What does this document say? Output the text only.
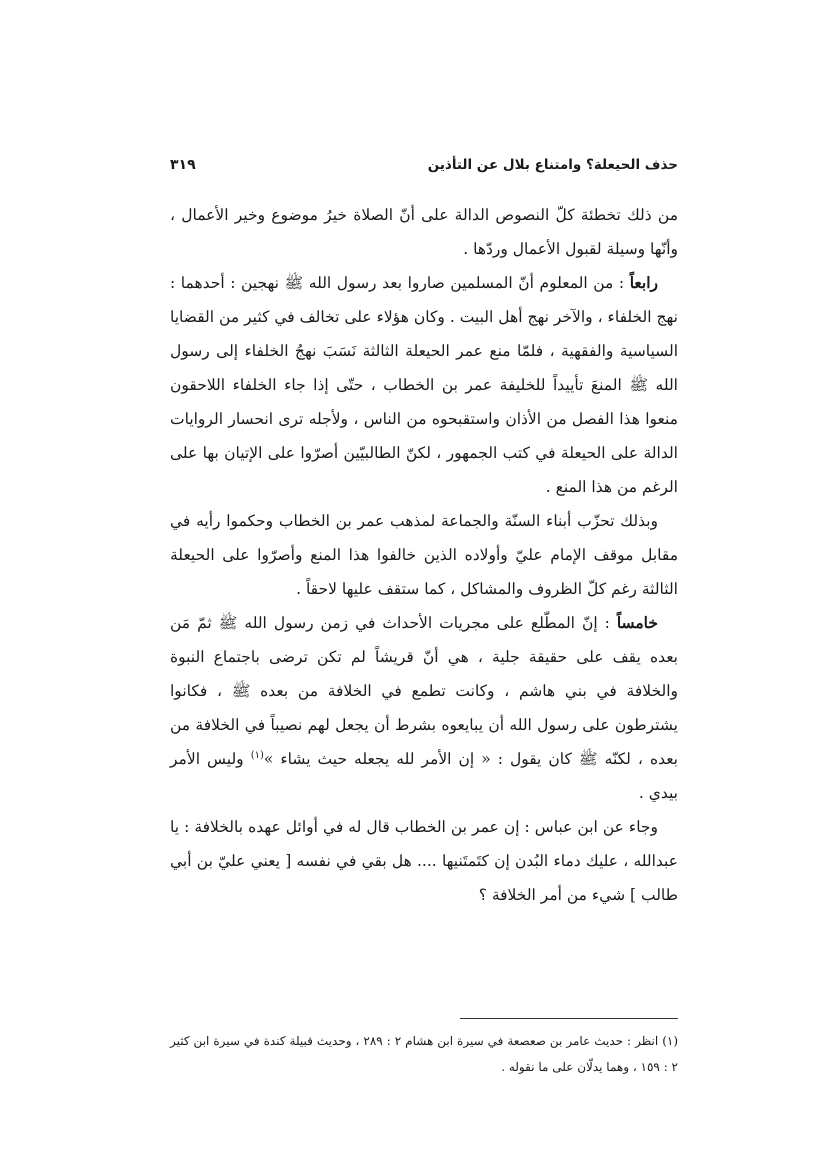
حذف الحيعلة؟ وامتناع بلال عن التأذين
٣١٩

من ذلك تخطئة كلّ النصوص الدالة على أنّ الصلاة خيرُ موضوع وخير الأعمال ، وأنّها وسيلة لقبول الأعمال وردّها .

رابعاً : من المعلوم أنّ المسلمين صاروا بعد رسول الله ﷺ نهجين : أحدهما : نهج الخلفاء ، والآخر نهج أهل البيت . وكان هؤلاء على تخالف في كثير من القضايا السياسية والفقهية ، فلمّا منع عمر الحيعلة الثالثة نَسَبَ نهجُ الخلفاء إلى رسول الله ﷺ المنعَ تأييداً للخليفة عمر بن الخطاب ، حتّى إذا جاء الخلفاء اللاحقون منعوا هذا الفصل من الأذان واستقبحوه من الناس ، ولأجله ترى انحسار الروايات الدالة على الحيعلة في كتب الجمهور ، لكنّ الطالبيّين أصرّوا على الإتيان بها على الرغم من هذا المنع .

وبذلك تحزّب أبناء السنّة والجماعة لمذهب عمر بن الخطاب وحكموا رأيه في مقابل موقف الإمام عليّ وأولاده الذين خالفوا هذا المنع وأصرّوا على الحيعلة الثالثة رغم كلّ الظروف والمشاكل ، كما ستقف عليها لاحقاً .

خامساً : إنّ المطّلع على مجريات الأحداث في زمن رسول الله ﷺ ثمّ مَن بعده يقف على حقيقة جلية ، هي أنّ قريشاً لم تكن ترضى باجتماع النبوة والخلافة في بني هاشم ، وكانت تطمع في الخلافة من بعده ﷺ ، فكانوا يشترطون على رسول الله أن يبايعوه بشرط أن يجعل لهم نصيباً في الخلافة من بعده ، لكنّه ﷺ كان يقول : « إن الأمر لله يجعله حيث يشاء »$^{(١)}$ وليس الأمر بيدي .

وجاء عن ابن عباس : إن عمر بن الخطاب قال له في أوائل عهده بالخلافة : يا عبدالله ، عليك دماء البُدن إن كتَمتَنيها .... هل بقي في نفسه [ يعني عليّ بن أبي طالب ] شيء من أمر الخلافة ؟

(١) انظر : حديث عامر بن صعصعة في سيرة ابن هشام ٢ : ٢٨٩ ، وحديث قبيلة كندة في سيرة ابن كثير ٢ : ١٥٩ ، وهما يدلّان على ما نقوله .
